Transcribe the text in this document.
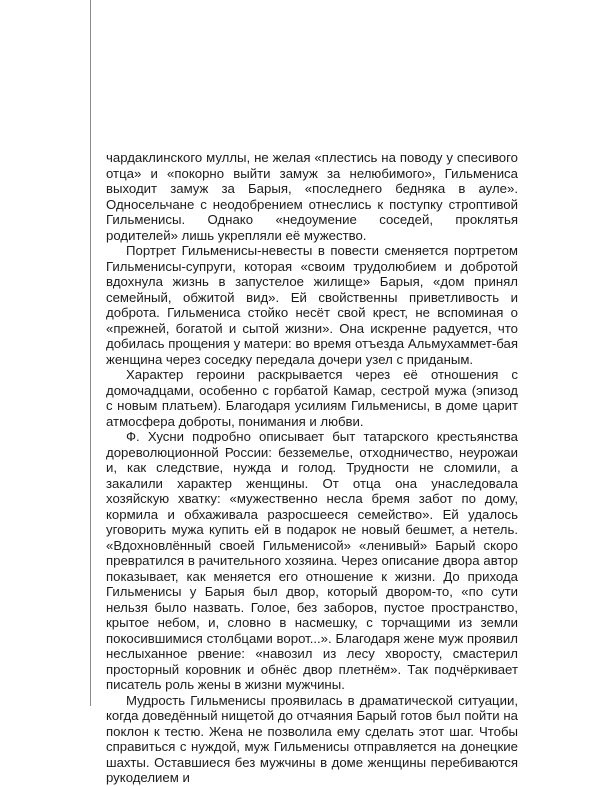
чардаклинского муллы, не желая «плестись на поводу у спесивого отца» и «покорно выйти замуж за нелюбимого», Гильмениса выходит замуж за Барыя, «последнего бедняка в ауле». Односельчане с неодобрением отнеслись к поступку строптивой Гильменисы. Однако «недоумение соседей, проклятья родителей» лишь укрепляли её мужество.

Портрет Гильменисы-невесты в повести сменяется портретом Гильменисы-супруги, которая «своим трудолюбием и добротой вдохнула жизнь в запустелое жилище» Барыя, «дом принял семейный, обжитой вид». Ей свойственны приветливость и доброта. Гильмениса стойко несёт свой крест, не вспоминая о «прежней, богатой и сытой жизни». Она искренне радуется, что добилась прощения у матери: во время отъезда Альмухаммет-бая женщина через соседку передала дочери узел с приданым.

Характер героини раскрывается через её отношения с домочадцами, особенно с горбатой Камар, сестрой мужа (эпизод с новым платьем). Благодаря усилиям Гильменисы, в доме царит атмосфера доброты, понимания и любви.

Ф. Хусни подробно описывает быт татарского крестьянства дореволюционной России: безземелье, отходничество, неурожаи и, как следствие, нужда и голод. Трудности не сломили, а закалили характер женщины. От отца она унаследовала хозяйскую хватку: «мужественно несла бремя забот по дому, кормила и обхаживала разросшееся семейство». Ей удалось уговорить мужа купить ей в подарок не новый бешмет, а нетель. «Вдохновлённый своей Гильменисой» «ленивый» Барый скоро превратился в рачительного хозяина. Через описание двора автор показывает, как меняется его отношение к жизни. До прихода Гильменисы у Барыя был двор, который двором-то, «по сути нельзя было назвать. Голое, без заборов, пустое пространство, крытое небом, и, словно в насмешку, с торчащими из земли покосившимися столбцами ворот...». Благодаря жене муж проявил неслыханное рвение: «навозил из лесу хворосту, смастерил просторный коровник и обнёс двор плетнём». Так подчёркивает писатель роль жены в жизни мужчины.

Мудрость Гильменисы проявилась в драматической ситуации, когда доведённый нищетой до отчаяния Барый готов был пойти на поклон к тестю. Жена не позволила ему сделать этот шаг. Чтобы справиться с нуждой, муж Гильменисы отправляется на донецкие шахты. Оставшиеся без мужчины в доме женщины перебиваются рукоделием и
